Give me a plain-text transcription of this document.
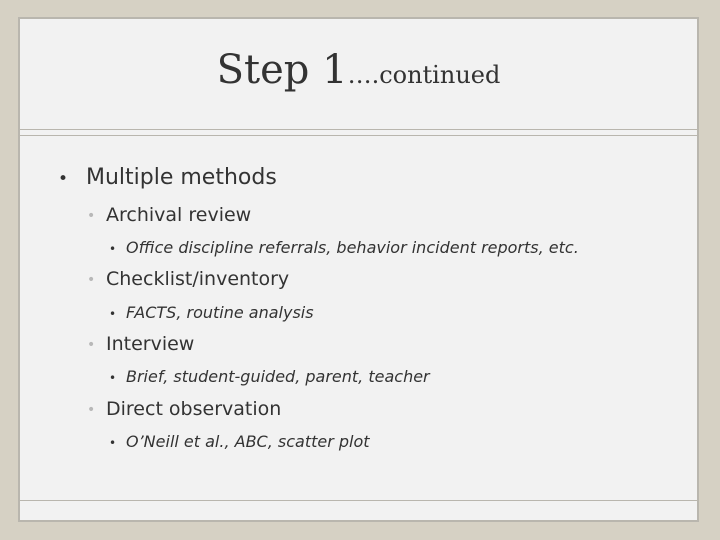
Step 1….continued
• Multiple methods
• Archival review
• Office discipline referrals, behavior incident reports, etc.
• Checklist/inventory
• FACTS, routine analysis
• Interview
• Brief, student-guided, parent, teacher
• Direct observation
• O’Neill et al., ABC, scatter plot
